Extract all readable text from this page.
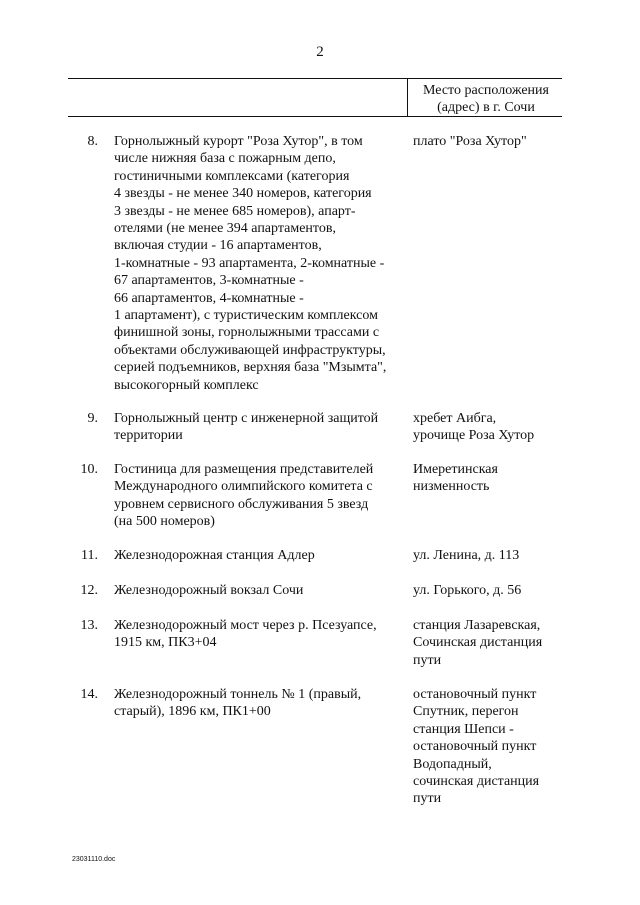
2
Место расположения
(адрес) в г. Сочи
8. Горнолыжный курорт "Роза Хутор", в том
числе нижняя база с пожарным депо,
гостиничными комплексами (категория
4 звезды - не менее 340 номеров, категория
3 звезды - не менее 685 номеров), апарт-
отелями (не менее 394 апартаментов,
включая студии - 16 апартаментов,
1-комнатные - 93 апартамента, 2-комнатные -
67 апартаментов, 3-комнатные -
66 апартаментов, 4-комнатные -
1 апартамент), с туристическим комплексом
финишной зоны, горнолыжными трассами с
объектами обслуживающей инфраструктуры,
серией подъемников, верхняя база "Мзымта",
высокогорный комплекс
плато "Роза Хутор"
9. Горнолыжный центр с инженерной защитой
территории
хребет Аибга,
урочище Роза Хутор
10. Гостиница для размещения представителей
Международного олимпийского комитета с
уровнем сервисного обслуживания 5 звезд
(на 500 номеров)
Имеретинская
низменность
11. Железнодорожная станция Адлер	ул. Ленина, д. 113
12. Железнодорожный вокзал Сочи	ул. Горького, д. 56
13. Железнодорожный мост через р. Псезуапсе,
1915 км, ПК3+04
станция Лазаревская,
Сочинская дистанция
пути
14. Железнодорожный тоннель № 1 (правый,
старый), 1896 км, ПК1+00
остановочный пункт
Спутник, перегон
станция Шепси -
остановочный пункт
Водопадный,
сочинская дистанция
пути
23031110.doc
